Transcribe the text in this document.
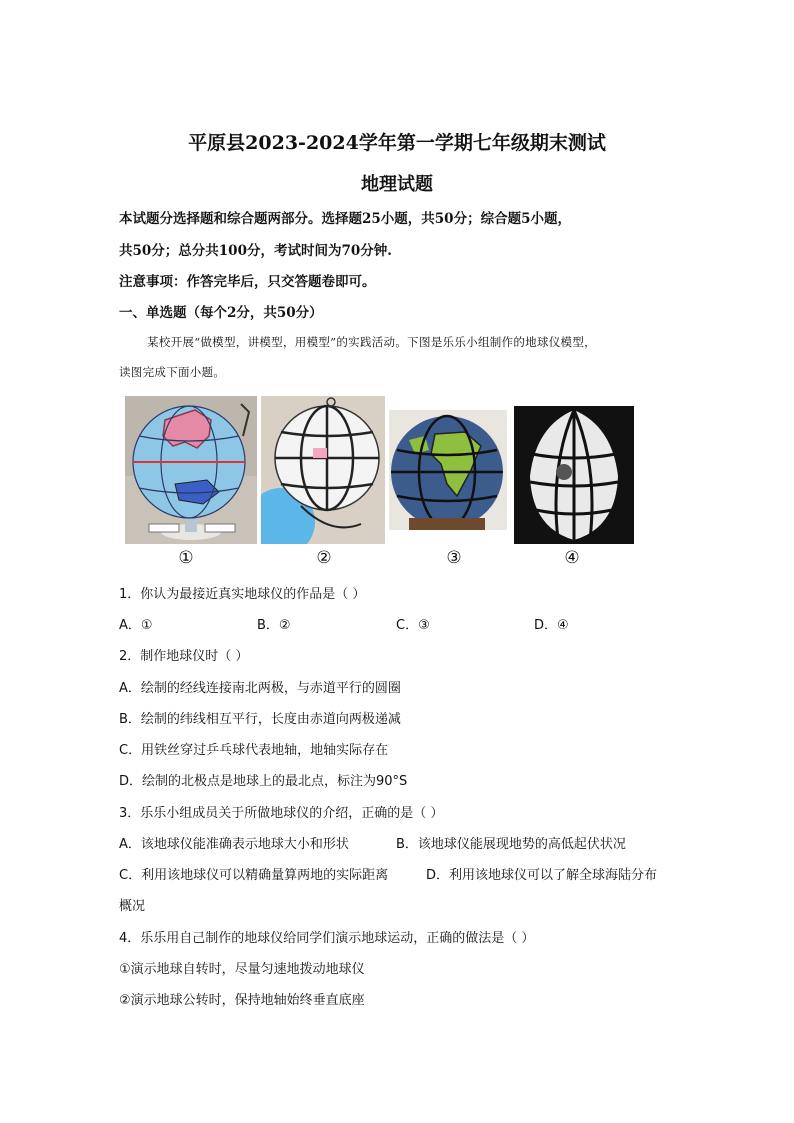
平原县2023-2024学年第一学期七年级期末测试
地理试题
本试题分选择题和综合题两部分。选择题25小题，共50分；综合题5小题，
共50分；总分共100分，考试时间为70分钟.
注意事项：作答完毕后，只交答题卷即可。
一、单选题（每个2分，共50分）
某校开展“做模型，讲模型，用模型”的实践活动。下图是乐乐小组制作的地球仪模型，
读图完成下面小题。
①	②	③	④
1．你认为最接近真实地球仪的作品是（ ）
A．①	B．②	C．③	D．④
2．制作地球仪时（ ）
A．绘制的经线连接南北两极，与赤道平行的圆圈
B．绘制的纬线相互平行，长度由赤道向两极递减
C．用铁丝穿过乒乓球代表地轴，地轴实际存在
D．绘制的北极点是地球上的最北点，标注为90°S
3．乐乐小组成员关于所做地球仪的介绍，正确的是（ ）
A．该地球仪能准确表示地球大小和形状	B．该地球仪能展现地势的高低起伏状况
C．利用该地球仪可以精确量算两地的实际距离	D．利用该地球仪可以了解全球海陆分布
概况
4．乐乐用自己制作的地球仪给同学们演示地球运动，正确的做法是（ ）
①演示地球自转时，尽量匀速地拨动地球仪
②演示地球公转时，保持地轴始终垂直底座
